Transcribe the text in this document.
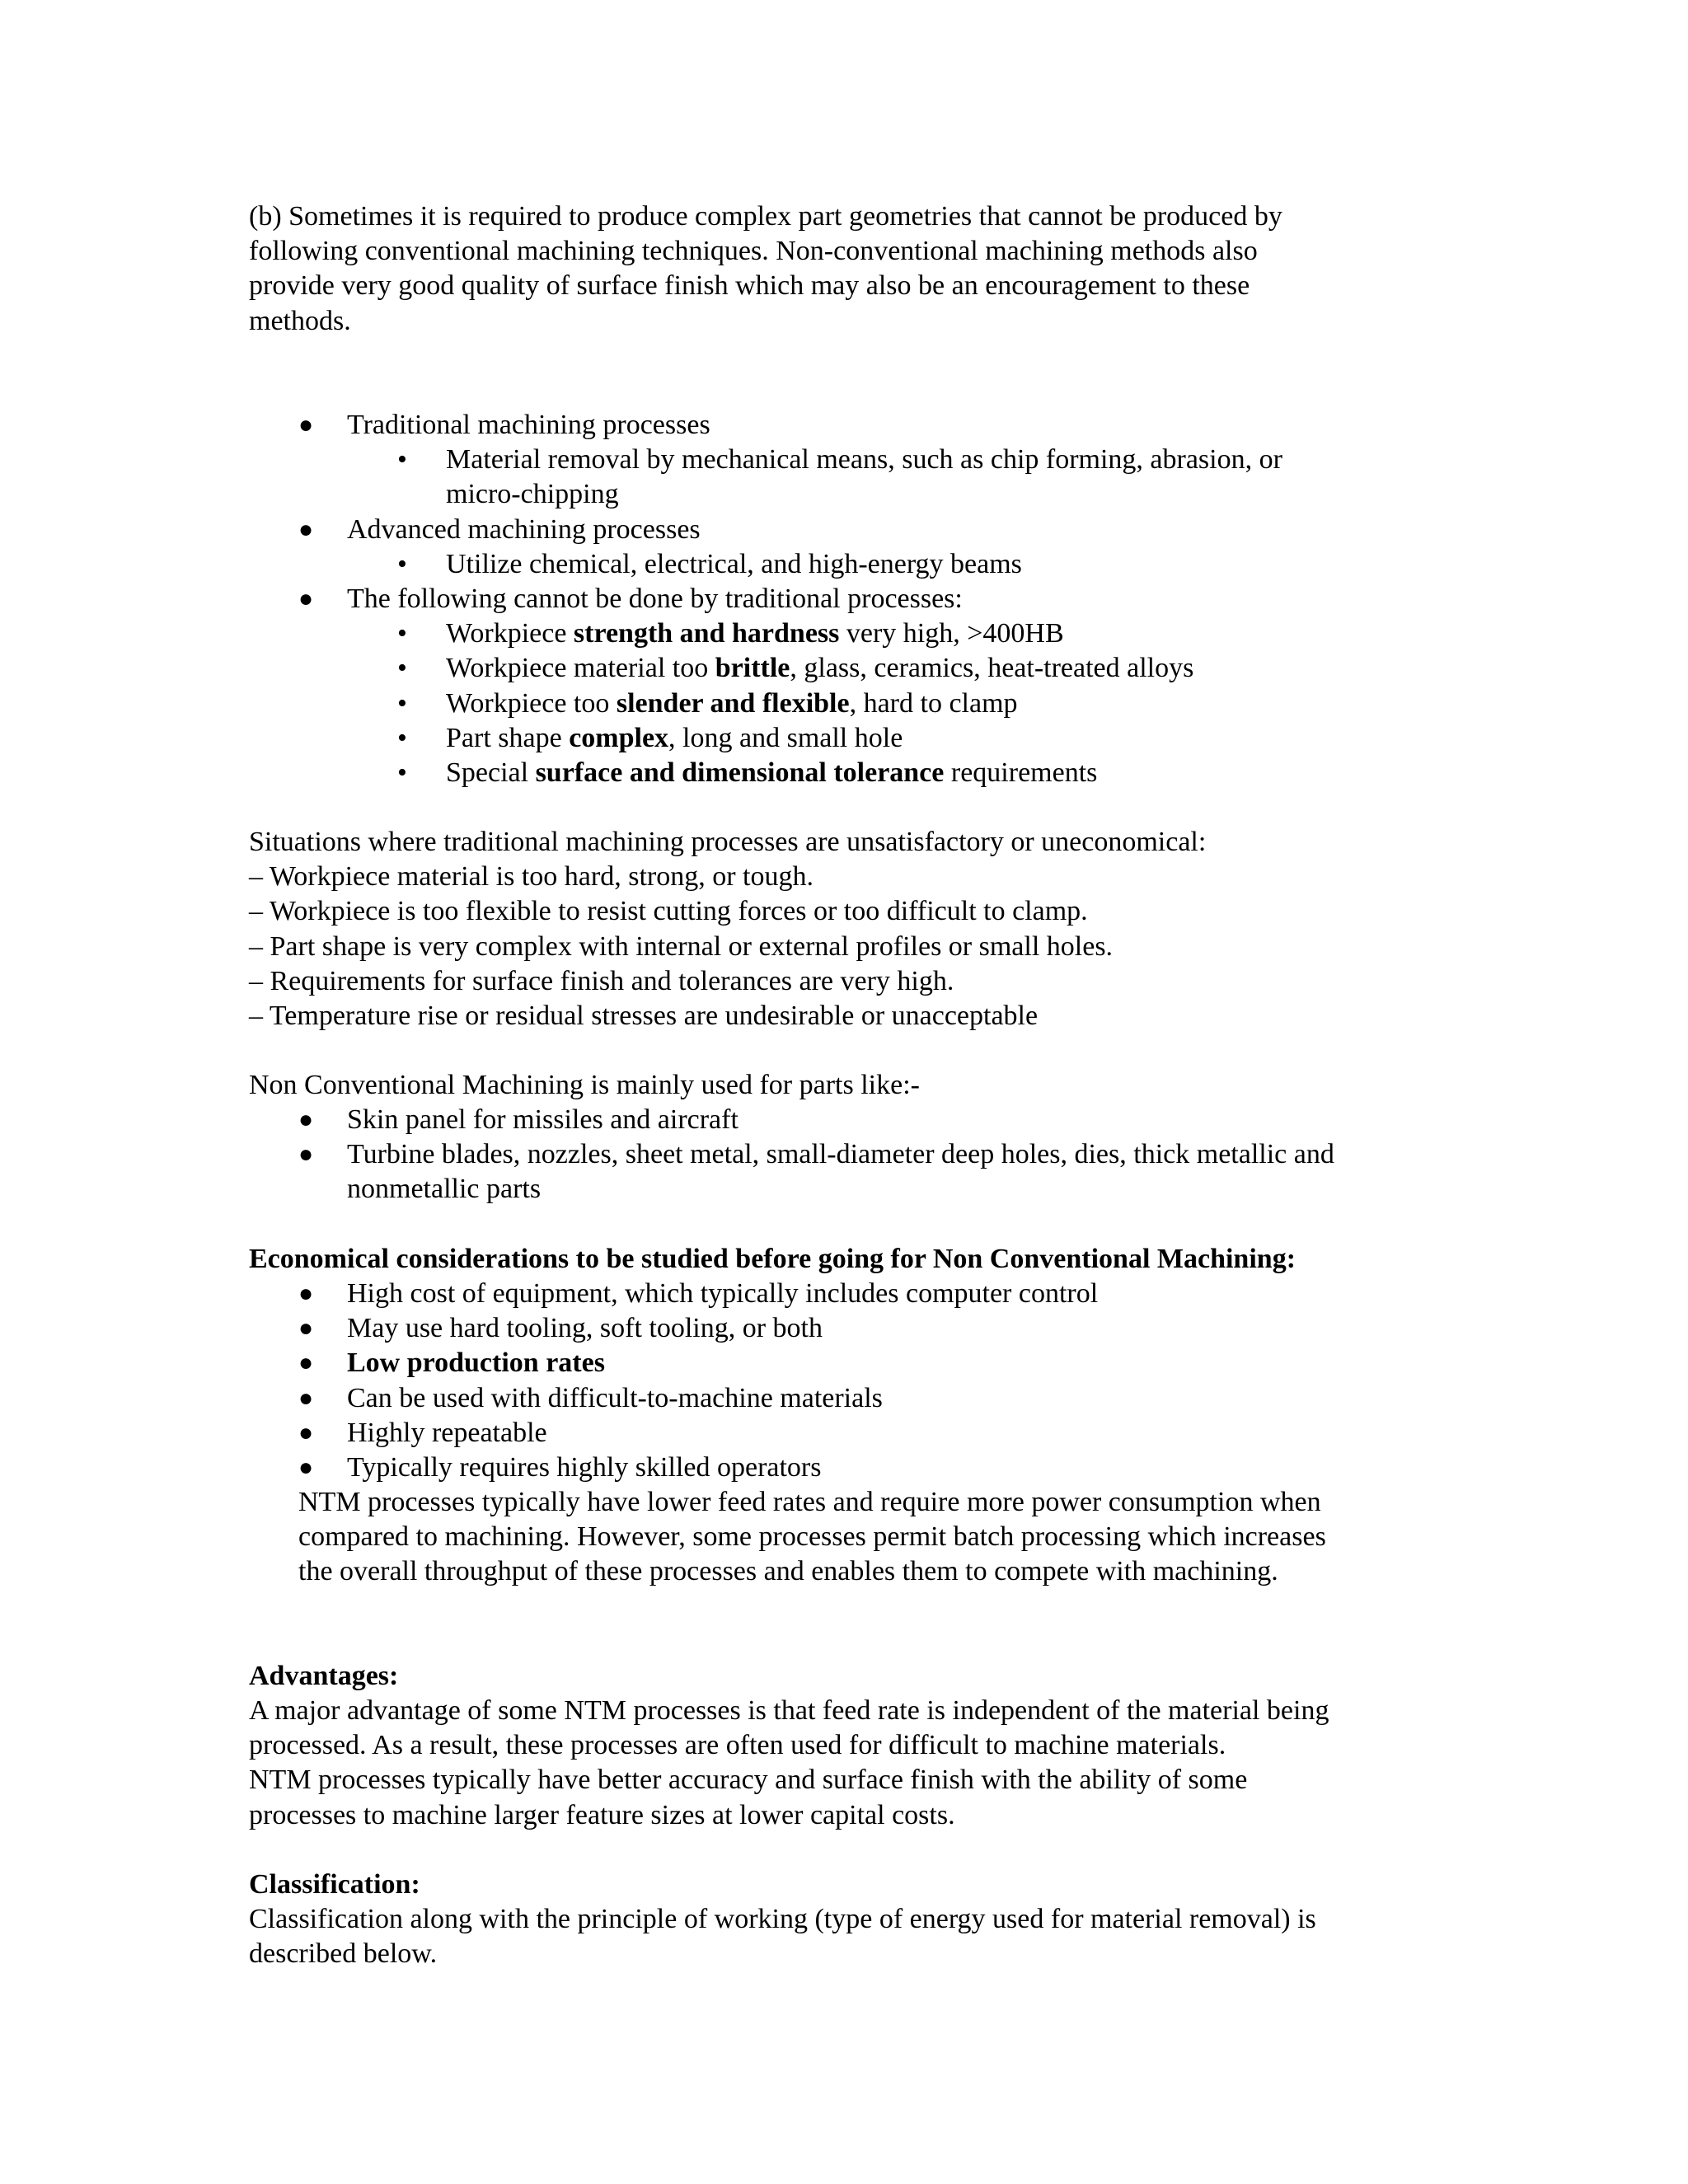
(b) Sometimes it is required to produce complex part geometries that cannot be produced by
following conventional machining techniques. Non-conventional machining methods also
provide very good quality of surface finish which may also be an encouragement to these
methods.
●	Traditional machining processes
•	Material removal by mechanical means, such as chip forming, abrasion, or
micro-chipping
●	Advanced machining processes
•	Utilize chemical, electrical, and high-energy beams
●	The following cannot be done by traditional processes:
•	Workpiece strength and hardness very high, >400HB
•	Workpiece material too brittle, glass, ceramics, heat-treated alloys
•	Workpiece too slender and flexible, hard to clamp
•	Part shape complex, long and small hole
•	Special surface and dimensional tolerance requirements
Situations where traditional machining processes are unsatisfactory or uneconomical:
– Workpiece material is too hard, strong, or tough.
– Workpiece is too flexible to resist cutting forces or too difficult to clamp.
– Part shape is very complex with internal or external profiles or small holes.
– Requirements for surface finish and tolerances are very high.
– Temperature rise or residual stresses are undesirable or unacceptable
Non Conventional Machining is mainly used for parts like:-
●	Skin panel for missiles and aircraft
●	Turbine blades, nozzles, sheet metal, small-diameter deep holes, dies, thick metallic and
nonmetallic parts
Economical considerations to be studied before going for Non Conventional Machining:
●	High cost of equipment, which typically includes computer control
●	May use hard tooling, soft tooling, or both
●	Low production rates
●	Can be used with difficult-to-machine materials
●	Highly repeatable
●	Typically requires highly skilled operators
NTM processes typically have lower feed rates and require more power consumption when
compared to machining. However, some processes permit batch processing which increases
the overall throughput of these processes and enables them to compete with machining.
Advantages:
A major advantage of some NTM processes is that feed rate is independent of the material being
processed. As a result, these processes are often used for difficult to machine materials.
NTM processes typically have better accuracy and surface finish with the ability of some
processes to machine larger feature sizes at lower capital costs.
Classification:
Classification along with the principle of working (type of energy used for material removal) is
described below.
